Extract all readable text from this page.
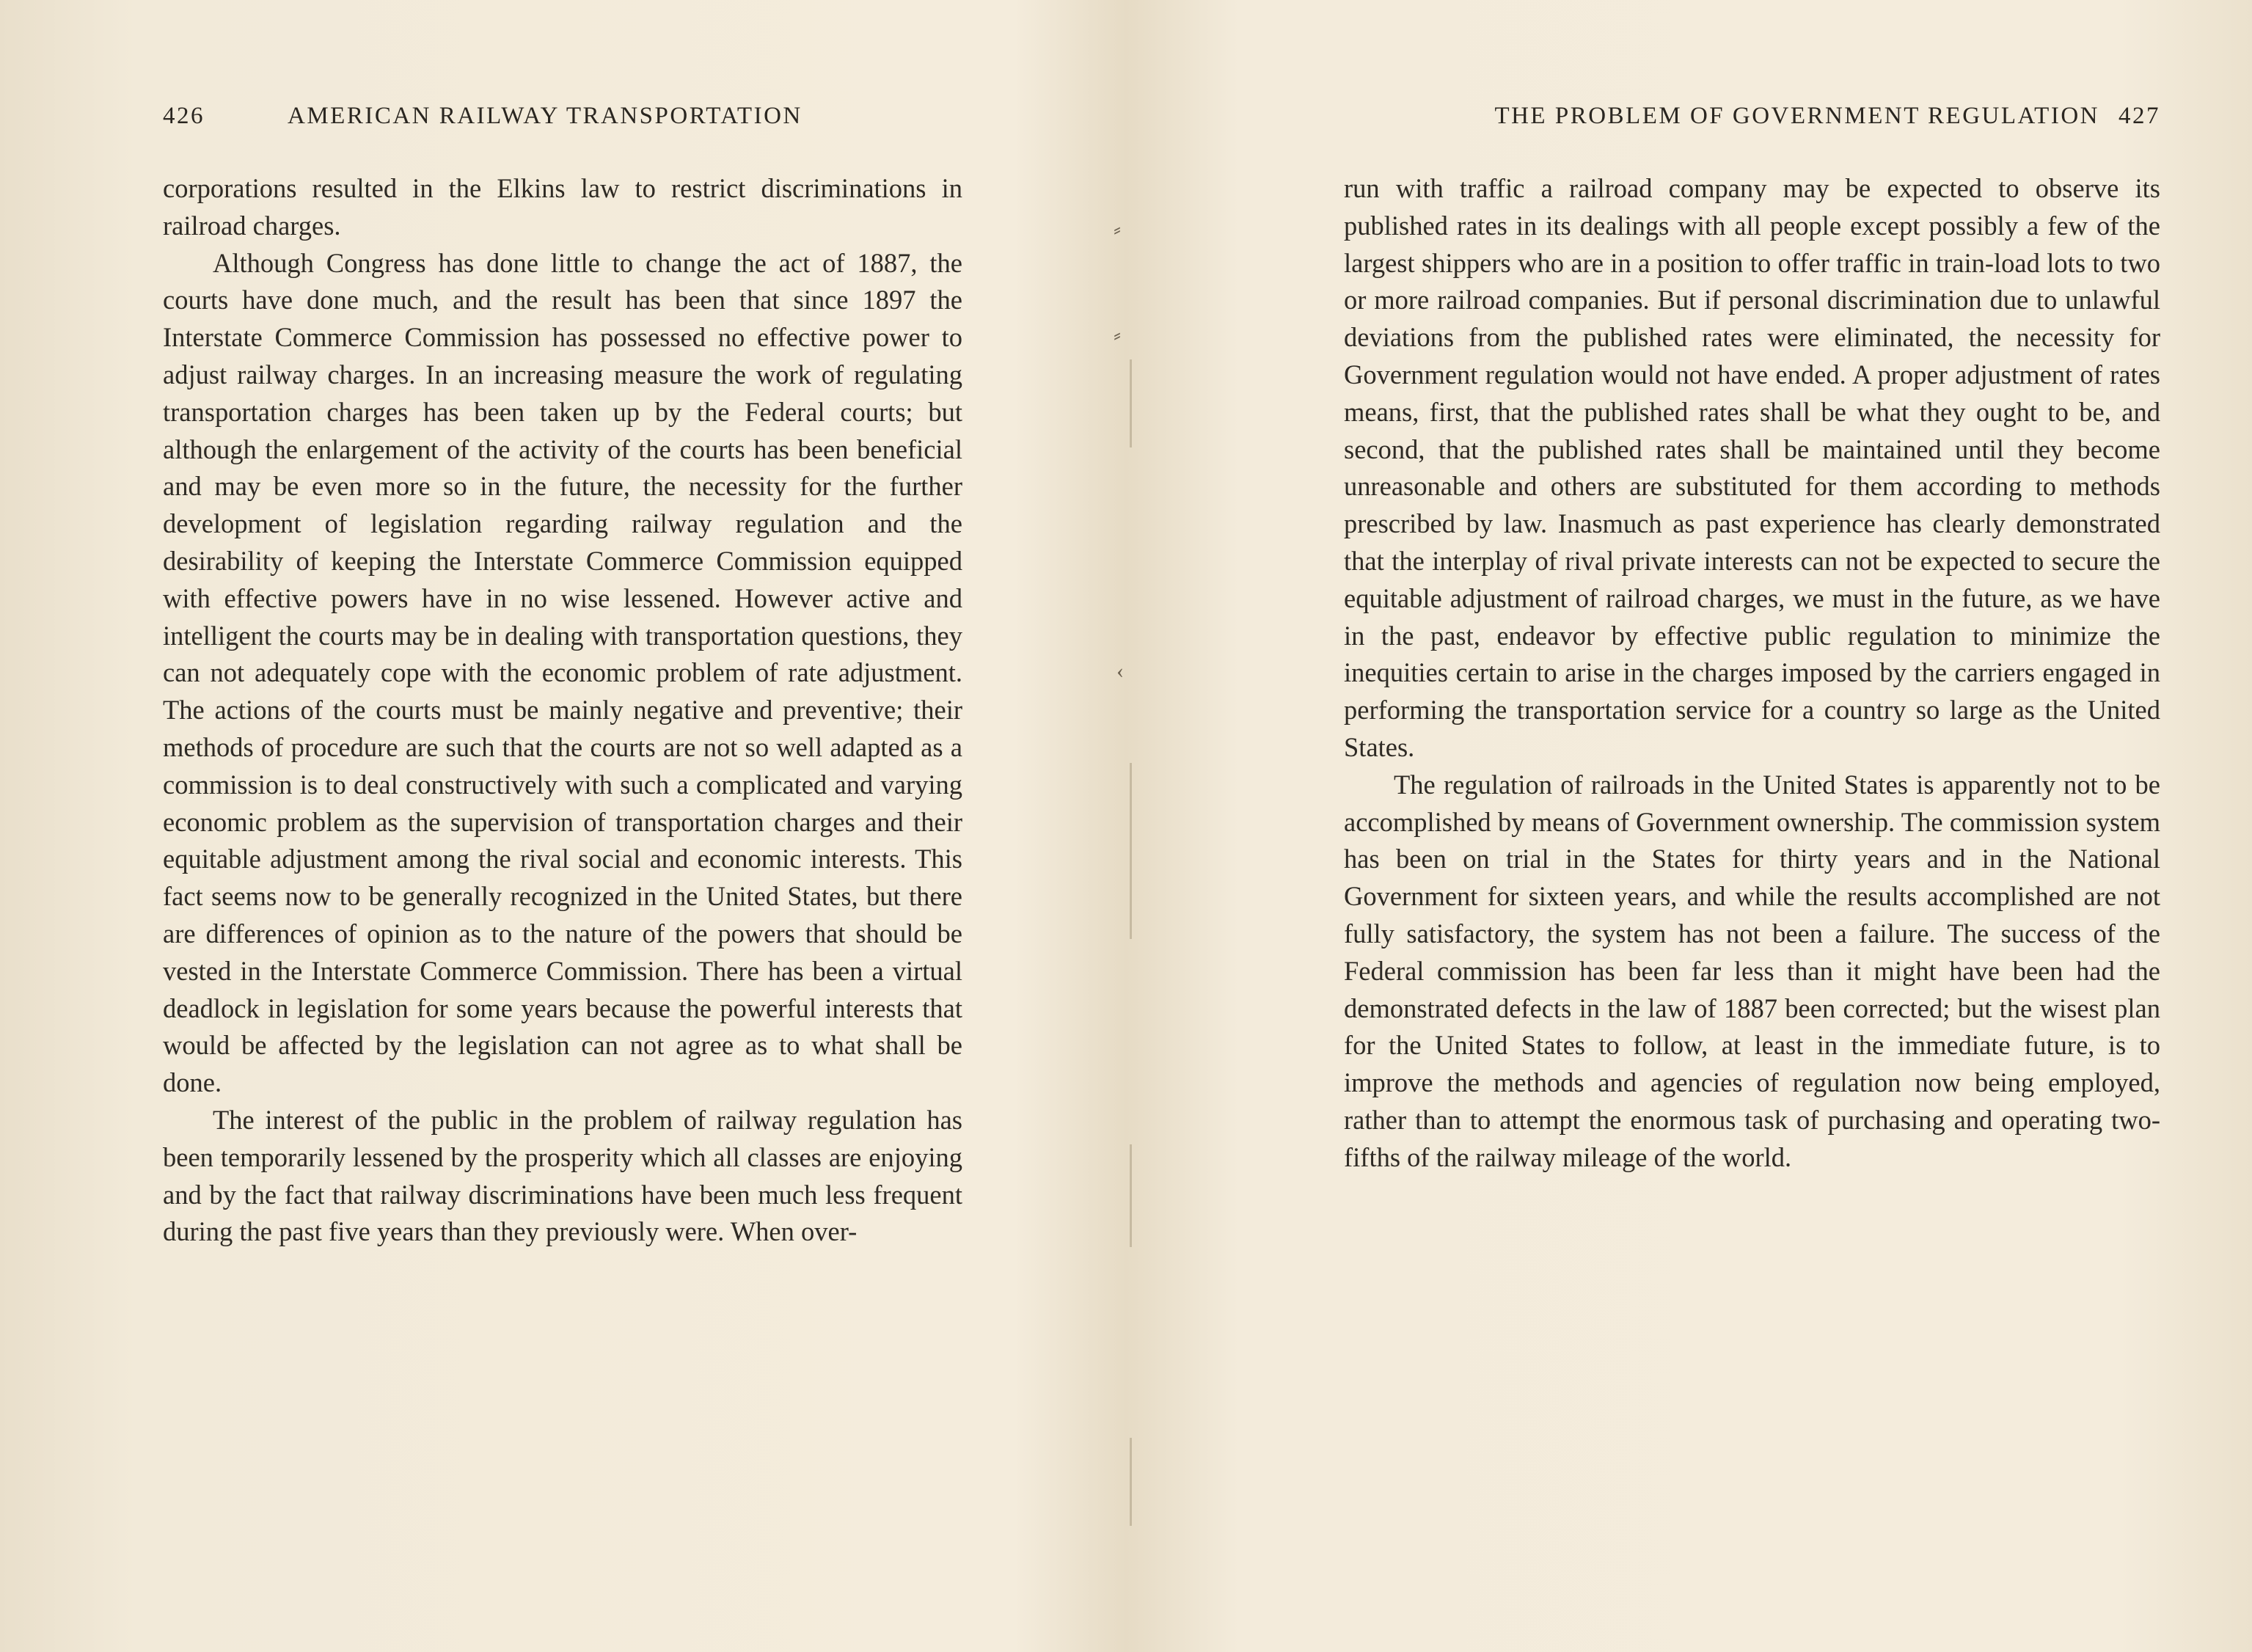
426	AMERICAN RAILWAY TRANSPORTATION

corporations resulted in the Elkins law to restrict discriminations in railroad charges.

Although Congress has done little to change the act of 1887, the courts have done much, and the result has been that since 1897 the Interstate Commerce Commission has possessed no effective power to adjust railway charges. In an increasing measure the work of regulating transportation charges has been taken up by the Federal courts; but although the enlargement of the activity of the courts has been beneficial and may be even more so in the future, the necessity for the further development of legislation regarding railway regulation and the desirability of keeping the Interstate Commerce Commission equipped with effective powers have in no wise lessened. However active and intelligent the courts may be in dealing with transportation questions, they can not adequately cope with the economic problem of rate adjustment. The actions of the courts must be mainly negative and preventive; their methods of procedure are such that the courts are not so well adapted as a commission is to deal constructively with such a complicated and varying economic problem as the supervision of transportation charges and their equitable adjustment among the rival social and economic interests. This fact seems now to be generally recognized in the United States, but there are differences of opinion as to the nature of the powers that should be vested in the Interstate Commerce Commission. There has been a virtual deadlock in legislation for some years because the powerful interests that would be affected by the legislation can not agree as to what shall be done.

The interest of the public in the problem of railway regulation has been temporarily lessened by the prosperity which all classes are enjoying and by the fact that railway discriminations have been much less frequent during the past five years than they previously were. When over-

THE PROBLEM OF GOVERNMENT REGULATION 427

run with traffic a railroad company may be expected to observe its published rates in its dealings with all people except possibly a few of the largest shippers who are in a position to offer traffic in train-load lots to two or more railroad companies. But if personal discrimination due to unlawful deviations from the published rates were eliminated, the necessity for Government regulation would not have ended. A proper adjustment of rates means, first, that the published rates shall be what they ought to be, and second, that the published rates shall be maintained until they become unreasonable and others are substituted for them according to methods prescribed by law. Inasmuch as past experience has clearly demonstrated that the interplay of rival private interests can not be expected to secure the equitable adjustment of railroad charges, we must in the future, as we have in the past, endeavor by effective public regulation to minimize the inequities certain to arise in the charges imposed by the carriers engaged in performing the transportation service for a country so large as the United States.

The regulation of railroads in the United States is apparently not to be accomplished by means of Government ownership. The commission system has been on trial in the States for thirty years and in the National Government for sixteen years, and while the results accomplished are not fully satisfactory, the system has not been a failure. The success of the Federal commission has been far less than it might have been had the demonstrated defects in the law of 1887 been corrected; but the wisest plan for the United States to follow, at least in the immediate future, is to improve the methods and agencies of regulation now being employed, rather than to attempt the enormous task of purchasing and operating two-fifths of the railway mileage of the world.

⸗
⸗
‹
